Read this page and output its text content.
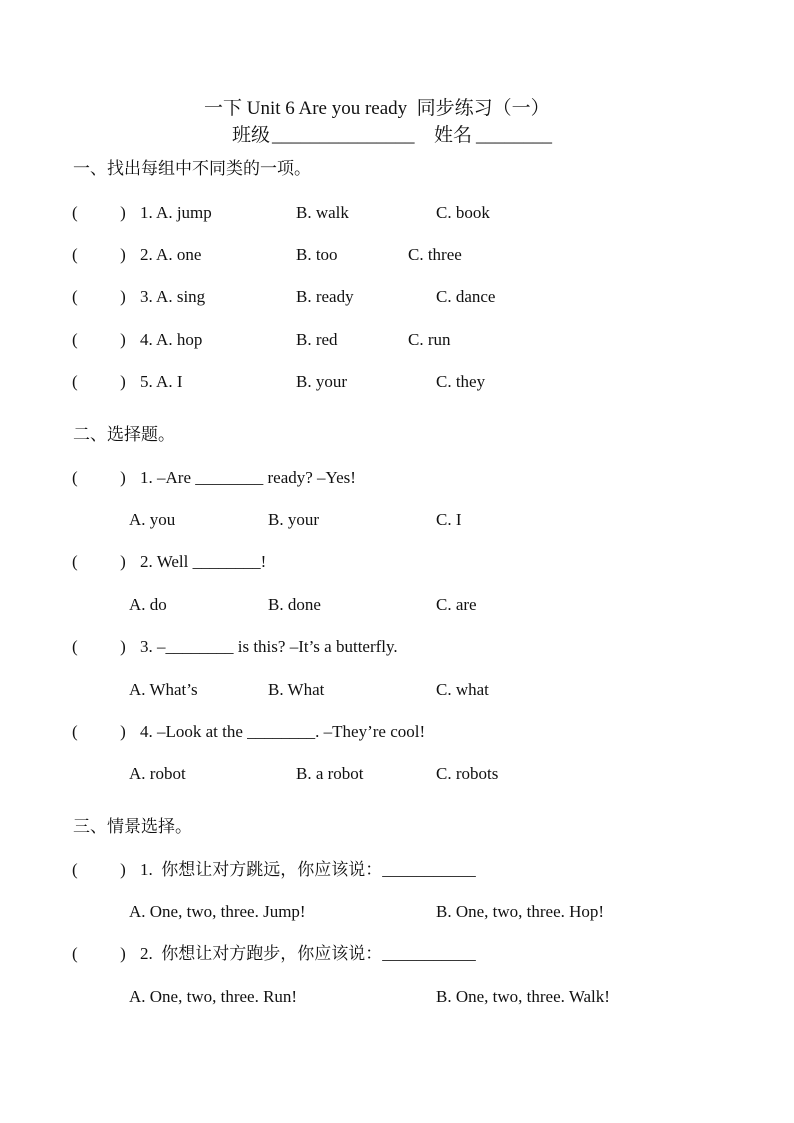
一下 Unit 6 Are you ready  同步练习（一）
班级 _______________ 姓名 ________
一、找出每组中不同类的一项。
(          ) 1. A. jump	B. walk	C. book
(          ) 2. A. one	B. too	C. three
(          ) 3. A. sing	B. ready	C. dance
(          ) 4. A. hop	B. red	C. run
(          ) 5. A. I	B. your	C. they
二、选择题。
(          ) 1. –Are ________ ready? –Yes!
A. you	B. your	C. I
(          ) 2. Well ________!
A. do	B. done	C. are
(          ) 3. –________ is this? –It’s a butterfly.
A. What’s	B. What	C. what
(          ) 4. –Look at the ________. –They’re cool!
A. robot	B. a robot	C. robots
三、情景选择。
(          ) 1.  你想让对方跳远，你应该说：___________
A. One, two, three. Jump!	B. One, two, three. Hop!
(          ) 2.  你想让对方跑步，你应该说：___________
A. One, two, three. Run!	B. One, two, three. Walk!
